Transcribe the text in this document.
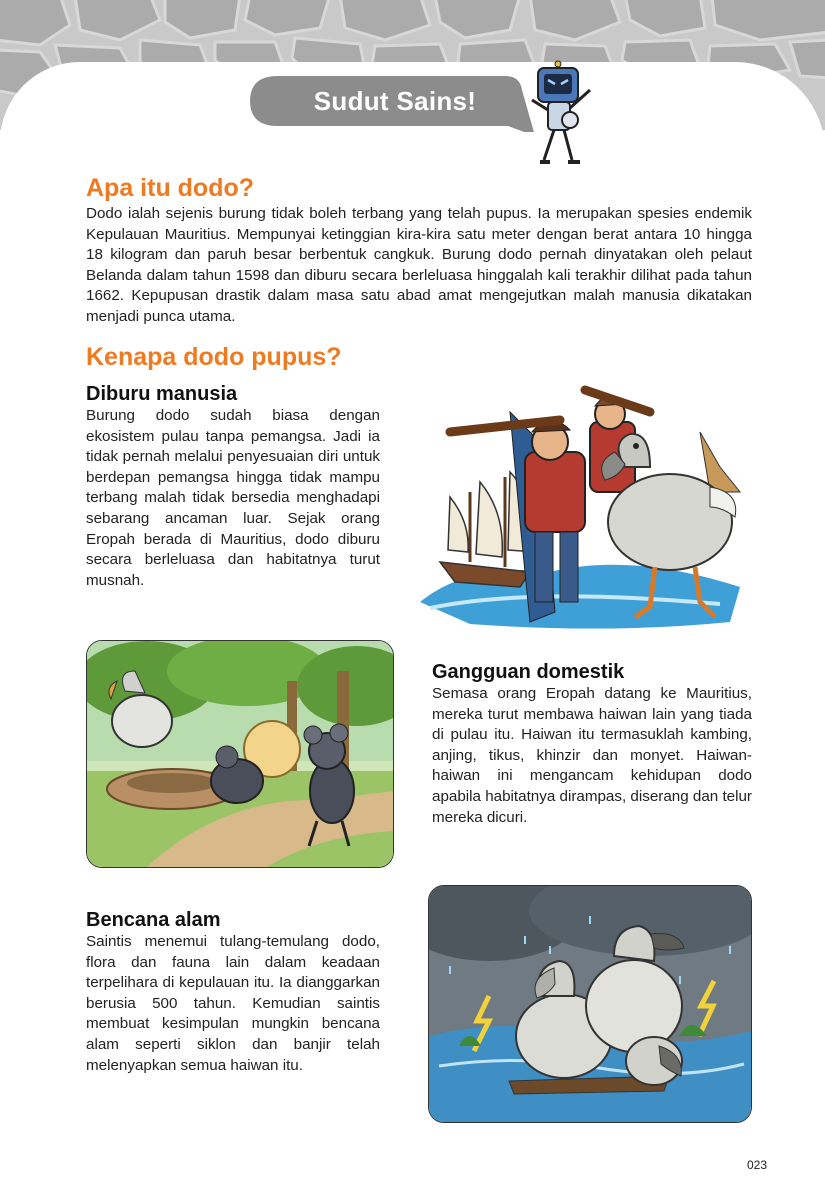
Sudut Sains!
Apa itu dodo?

Dodo ialah sejenis burung tidak boleh terbang yang telah pupus. Ia merupakan spesies endemik Kepulauan Mauritius. Mempunyai ketinggian kira-kira satu meter dengan berat antara 10 hingga 18 kilogram dan paruh besar berbentuk cangkuk. Burung dodo pernah dinyatakan oleh pelaut Belanda dalam tahun 1598 dan diburu secara berleluasa hinggalah kali terakhir dilihat pada tahun 1662. Kepupusan drastik dalam masa satu abad amat mengejutkan malah manusia dikatakan menjadi punca utama.

Kenapa dodo pupus?
Diburu manusia

Burung dodo sudah biasa dengan ekosistem pulau tanpa pemangsa. Jadi ia tidak pernah melalui penyesuaian diri untuk berdepan pemangsa hingga tidak mampu terbang malah tidak bersedia menghadapi sebarang ancaman luar. Sejak orang Eropah berada di Mauritius, dodo diburu secara berleluasa dan habitatnya turut musnah.

Gangguan domestik

Semasa orang Eropah datang ke Mauritius, mereka turut membawa haiwan lain yang tiada di pulau itu. Haiwan itu termasuklah kambing, anjing, tikus, khinzir dan monyet. Haiwan-haiwan ini mengancam kehidupan dodo apabila habitatnya dirampas, diserang dan telur mereka dicuri.

Bencana alam

Saintis menemui tulang-temulang dodo, flora dan fauna lain dalam keadaan terpelihara di kepulauan itu. Ia dianggarkan berusia 500 tahun. Kemudian saintis membuat kesimpulan mungkin bencana alam seperti siklon dan banjir telah melenyapkan semua haiwan itu.

023
